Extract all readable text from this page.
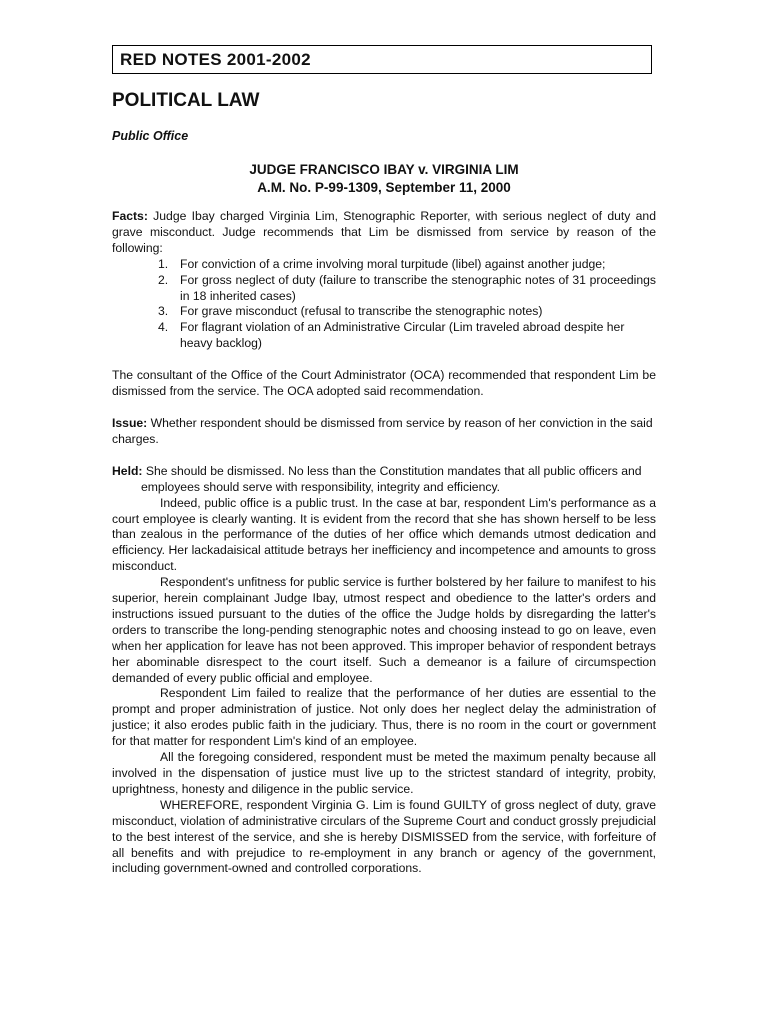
RED NOTES 2001-2002
POLITICAL LAW
Public Office
JUDGE FRANCISCO IBAY v. VIRGINIA LIM
A.M. No. P-99-1309, September 11, 2000

Facts: Judge Ibay charged Virginia Lim, Stenographic Reporter, with serious neglect of duty and grave misconduct. Judge recommends that Lim be dismissed from service by reason of the following:

1. For conviction of a crime involving moral turpitude (libel) against another judge;
2. For gross neglect of duty (failure to transcribe the stenographic notes of 31 proceedings in 18 inherited cases)
3. For grave misconduct (refusal to transcribe the stenographic notes)
4. For flagrant violation of an Administrative Circular (Lim traveled abroad despite her
heavy backlog)

The consultant of the Office of the Court Administrator (OCA) recommended that respondent Lim be dismissed from the service. The OCA adopted said recommendation.

Issue: Whether respondent should be dismissed from service by reason of her conviction in the said charges.

Held: She should be dismissed. No less than the Constitution mandates that all public officers and employees should serve with responsibility, integrity and efficiency.

Indeed, public office is a public trust. In the case at bar, respondent Lim's performance as a court employee is clearly wanting. It is evident from the record that she has shown herself to be less than zealous in the performance of the duties of her office which demands utmost dedication and efficiency. Her lackadaisical attitude betrays her inefficiency and incompetence and amounts to gross misconduct.

Respondent's unfitness for public service is further bolstered by her failure to manifest to his superior, herein complainant Judge Ibay, utmost respect and obedience to the latter's orders and instructions issued pursuant to the duties of the office the Judge holds by disregarding the latter's orders to transcribe the long-pending stenographic notes and choosing instead to go on leave, even when her application for leave has not been approved. This improper behavior of respondent betrays her abominable disrespect to the court itself. Such a demeanor is a failure of circumspection demanded of every public official and employee.

Respondent Lim failed to realize that the performance of her duties are essential to the prompt and proper administration of justice. Not only does her neglect delay the administration of justice; it also erodes public faith in the judiciary. Thus, there is no room in the court or government for that matter for respondent Lim's kind of an employee.

All the foregoing considered, respondent must be meted the maximum penalty because all involved in the dispensation of justice must live up to the strictest standard of integrity, probity, uprightness, honesty and diligence in the public service.

WHEREFORE, respondent Virginia G. Lim is found GUILTY of gross neglect of duty, grave misconduct, violation of administrative circulars of the Supreme Court and conduct grossly prejudicial to the best interest of the service, and she is hereby DISMISSED from the service, with forfeiture of all benefits and with prejudice to re-employment in any branch or agency of the government, including government-owned and controlled corporations.
